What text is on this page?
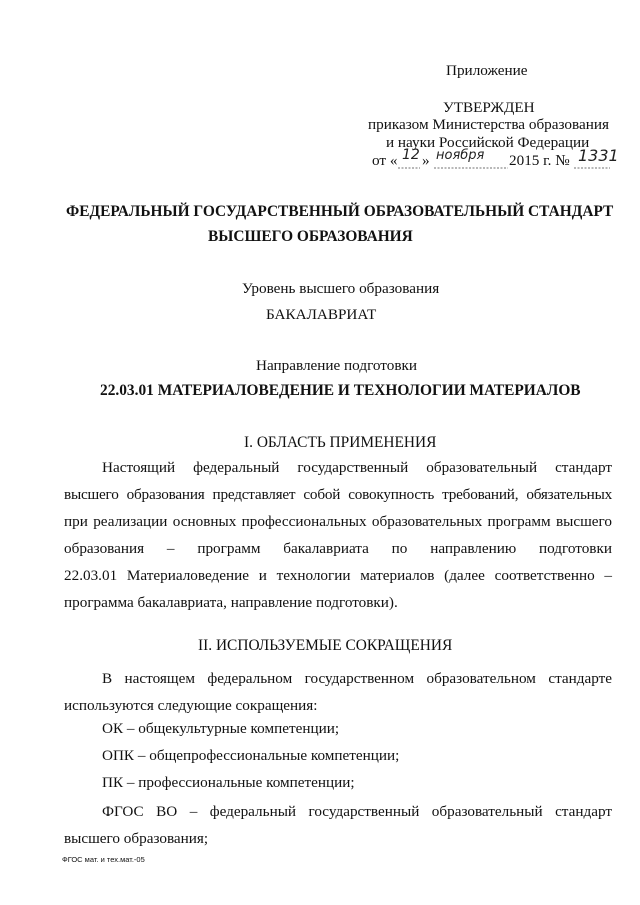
Приложение
УТВЕРЖДЕН
приказом Министерства образования
и науки Российской Федерации
от « 12 » ноября 2015 г. № 1331
ФЕДЕРАЛЬНЫЙ ГОСУДАРСТВЕННЫЙ ОБРАЗОВАТЕЛЬНЫЙ СТАНДАРТ
ВЫСШЕГО ОБРАЗОВАНИЯ
Уровень высшего образования
БАКАЛАВРИАТ
Направление подготовки
22.03.01 МАТЕРИАЛОВЕДЕНИЕ И ТЕХНОЛОГИИ МАТЕРИАЛОВ
I. ОБЛАСТЬ ПРИМЕНЕНИЯ
Настоящий федеральный государственный образовательный стандарт
высшего образования представляет собой совокупность требований, обязательных
при реализации основных профессиональных образовательных программ высшего
образования – программ бакалавриата по направлению подготовки
22.03.01 Материаловедение и технологии материалов (далее соответственно –
программа бакалавриата, направление подготовки).
II. ИСПОЛЬЗУЕМЫЕ СОКРАЩЕНИЯ
В настоящем федеральном государственном образовательном стандарте
используются следующие сокращения:
ОК – общекультурные компетенции;
ОПК – общепрофессиональные компетенции;
ПК – профессиональные компетенции;
ФГОС ВО – федеральный государственный образовательный стандарт
высшего образования;
ФГОС мат. и тех.мат.-05
